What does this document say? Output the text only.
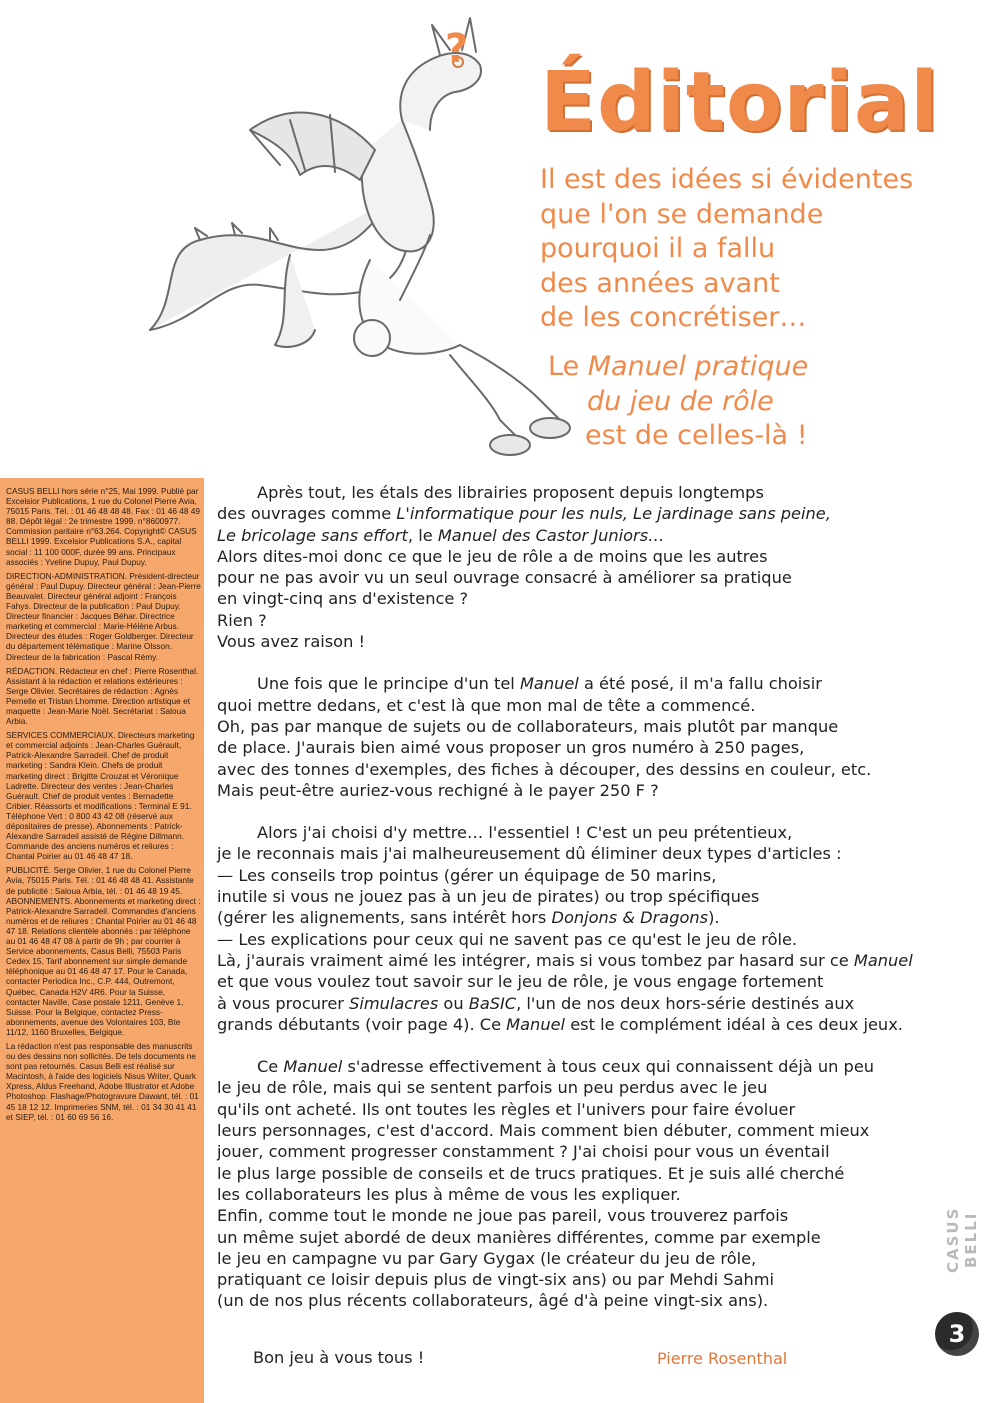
?
Éditorial
Il est des idées si évidentes
que l'on se demande
pourquoi il a fallu
des années avant
de les concrétiser…
Le Manuel pratique
du jeu de rôle
est de celles-là !

CASUS BELLI hors série n°25, Mai 1999. Publié par Excelsior Publications, 1 rue du Colonel Pierre Avia, 75015 Paris. Tél. : 01 46 48 48 48. Fax : 01 46 48 49 88. Dépôt légal : 2e trimestre 1999. n°8600977. Commission paritaire n°63.264. Copyright© CASUS BELLI 1999. Excelsior Publications S.A., capital social : 11 100 000F, durée 99 ans. Principaux associés : Yveline Dupuy, Paul Dupuy.

DIRECTION-ADMINISTRATION. Président-directeur général : Paul Dupuy. Directeur général : Jean-Pierre Beauvalet. Directeur général adjoint : François Fahys. Directeur de la publication : Paul Dupuy. Directeur financier : Jacques Béhar. Directrice marketing et commercial : Marie-Hélène Arbus. Directeur des études : Roger Goldberger. Directeur du département télématique : Marine Olsson. Directeur de la fabrication : Pascal Rémy.

RÉDACTION. Rédacteur en chef : Pierre Rosenthal. Assistant à la rédaction et relations extérieures : Serge Olivier. Secrétaires de rédaction : Agnès Pernelle et Tristan Lhomme. Direction artistique et maquette : Jean-Marie Noël. Secrétariat : Saloua Arbia.

SERVICES COMMERCIAUX. Directeurs marketing et commercial adjoints : Jean-Charles Guérault, Patrick-Alexandre Sarradeil. Chef de produit marketing : Sandra Klein. Chefs de produit marketing direct : Brigitte Crouzat et Véronique Ladrette. Directeur des ventes : Jean-Charles Guérault. Chef de produit ventes : Bernadette Cribier. Réassorts et modifications : Terminal E 91. Téléphone Vert : 0 800 43 42 08 (réservé aux dépositaires de presse). Abonnements : Patrick-Alexandre Sarradeil assisté de Régine Dillmann. Commande des anciens numéros et reliures : Chantal Poirier au 01 46 48 47 18.

PUBLICITÉ. Serge Olivier, 1 rue du Colonel Pierre Avia, 75015 Paris. Tél. : 01 46 48 48 41. Assistante de publicité : Saloua Arbia, tél. : 01 46 48 19 45. ABONNEMENTS. Abonnements et marketing direct : Patrick-Alexandre Sarradeil. Commandes d'anciens numéros et de reliures : Chantal Poirier au 01 46 48 47 18. Relations clientèle abonnés : par téléphone au 01 46 48 47 08 à partir de 9h ; par courrier à Service abonnements, Casus Belli, 75503 Paris Cedex 15. Tarif abonnement sur simple demande téléphonique au 01 46 48 47 17. Pour le Canada, contacter Periodica Inc., C.P. 444, Outremont, Québec, Canada H2V 4R6. Pour la Suisse, contacter Naville, Case postale 1211, Genève 1, Suisse. Pour la Belgique, contactez Press-abonnements, avenue des Volontaires 103, Bte 11/12, 1160 Bruxelles, Belgique.

La rédaction n'est pas responsable des manuscrits ou des dessins non sollicités. De tels documents ne sont pas retournés. Casus Belli est réalisé sur Macintosh, à l'aide des logiciels Nisus Writer, Quark Xpress, Aldus Freehand, Adobe Illustrator et Adobe Photoshop. Flashage/Photogravure Dawant, tél. : 01 45 18 12 12. Imprimeries SNM, tél. : 01 34 30 41 41 et SIEP, tél. : 01 60 69 56 16.

Après tout, les étals des librairies proposent depuis longtemps
des ouvrages comme L'informatique pour les nuls, Le jardinage sans peine,
Le bricolage sans effort, le Manuel des Castor Juniors…
Alors dites-moi donc ce que le jeu de rôle a de moins que les autres
pour ne pas avoir vu un seul ouvrage consacré à améliorer sa pratique
en vingt-cinq ans d'existence ?
Rien ?
Vous avez raison !

Une fois que le principe d'un tel Manuel a été posé, il m'a fallu choisir
quoi mettre dedans, et c'est là que mon mal de tête a commencé.
Oh, pas par manque de sujets ou de collaborateurs, mais plutôt par manque
de place. J'aurais bien aimé vous proposer un gros numéro à 250 pages,
avec des tonnes d'exemples, des fiches à découper, des dessins en couleur, etc.
Mais peut-être auriez-vous rechigné à le payer 250 F ?

Alors j'ai choisi d'y mettre… l'essentiel ! C'est un peu prétentieux,
je le reconnais mais j'ai malheureusement dû éliminer deux types d'articles :
— Les conseils trop pointus (gérer un équipage de 50 marins,
inutile si vous ne jouez pas à un jeu de pirates) ou trop spécifiques
(gérer les alignements, sans intérêt hors Donjons & Dragons).
— Les explications pour ceux qui ne savent pas ce qu'est le jeu de rôle.
Là, j'aurais vraiment aimé les intégrer, mais si vous tombez par hasard sur ce Manuel
et que vous voulez tout savoir sur le jeu de rôle, je vous engage fortement
à vous procurer Simulacres ou BaSIC, l'un de nos deux hors-série destinés aux
grands débutants (voir page 4). Ce Manuel est le complément idéal à ces deux jeux.

Ce Manuel s'adresse effectivement à tous ceux qui connaissent déjà un peu
le jeu de rôle, mais qui se sentent parfois un peu perdus avec le jeu
qu'ils ont acheté. Ils ont toutes les règles et l'univers pour faire évoluer
leurs personnages, c'est d'accord. Mais comment bien débuter, comment mieux
jouer, comment progresser constamment ? J'ai choisi pour vous un éventail
le plus large possible de conseils et de trucs pratiques. Et je suis allé cherché
les collaborateurs les plus à même de vous les expliquer.
Enfin, comme tout le monde ne joue pas pareil, vous trouverez parfois
un même sujet abordé de deux manières différentes, comme par exemple
le jeu en campagne vu par Gary Gygax (le créateur du jeu de rôle,
pratiquant ce loisir depuis plus de vingt-six ans) ou par Mehdi Sahmi
(un de nos plus récents collaborateurs, âgé d'à peine vingt-six ans).

Bon jeu à vous tous !	Pierre Rosenthal
CASUS BELLI
3
